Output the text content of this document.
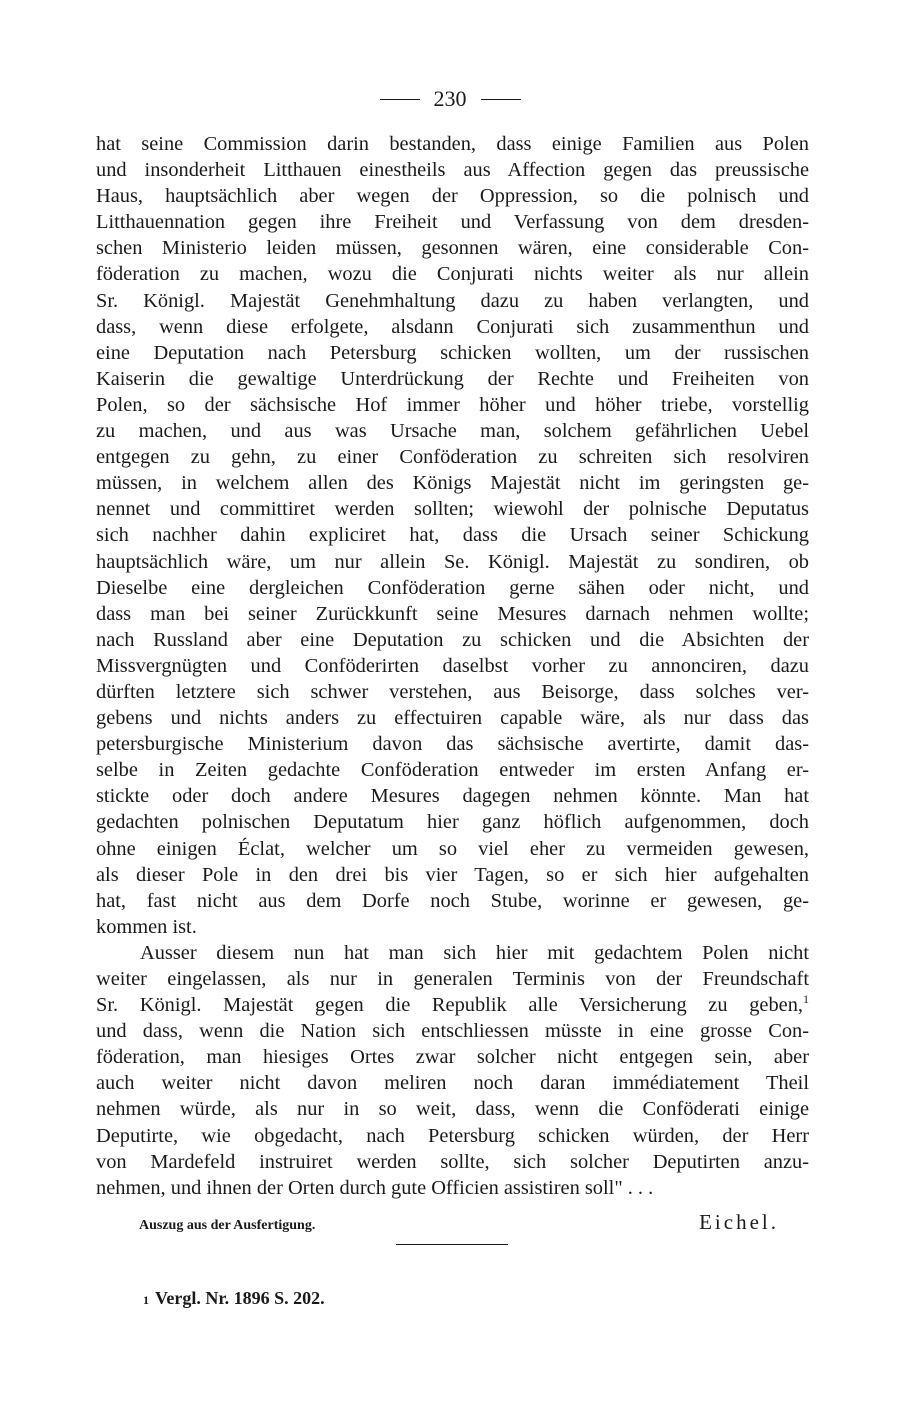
230

hat seine Commission darin bestanden, dass einige Familien aus Polen
und insonderheit Litthauen einestheils aus Affection gegen das preussische
Haus, hauptsächlich aber wegen der Oppression, so die polnisch und
Litthauennation gegen ihre Freiheit und Verfassung von dem dresden-
schen Ministerio leiden müssen, gesonnen wären, eine considerable Con-
föderation zu machen, wozu die Conjurati nichts weiter als nur allein
Sr. Königl. Majestät Genehmhaltung dazu zu haben verlangten, und
dass, wenn diese erfolgete, alsdann Conjurati sich zusammenthun und
eine Deputation nach Petersburg schicken wollten, um der russischen
Kaiserin die gewaltige Unterdrückung der Rechte und Freiheiten von
Polen, so der sächsische Hof immer höher und höher triebe, vorstellig
zu machen, und aus was Ursache man, solchem gefährlichen Uebel
entgegen zu gehn, zu einer Conföderation zu schreiten sich resolviren
müssen, in welchem allen des Königs Majestät nicht im geringsten ge-
nennet und committiret werden sollten; wiewohl der polnische Deputatus
sich nachher dahin expliciret hat, dass die Ursach seiner Schickung
hauptsächlich wäre, um nur allein Se. Königl. Majestät zu sondiren, ob
Dieselbe eine dergleichen Conföderation gerne sähen oder nicht, und
dass man bei seiner Zurückkunft seine Mesures darnach nehmen wollte;
nach Russland aber eine Deputation zu schicken und die Absichten der
Missvergnügten und Conföderirten daselbst vorher zu annonciren, dazu
dürften letztere sich schwer verstehen, aus Beisorge, dass solches ver-
gebens und nichts anders zu effectuiren capable wäre, als nur dass das
petersburgische Ministerium davon das sächsische avertirte, damit das-
selbe in Zeiten gedachte Conföderation entweder im ersten Anfang er-
stickte oder doch andere Mesures dagegen nehmen könnte. Man hat
gedachten polnischen Deputatum hier ganz höflich aufgenommen, doch
ohne einigen Éclat, welcher um so viel eher zu vermeiden gewesen,
als dieser Pole in den drei bis vier Tagen, so er sich hier aufgehalten
hat, fast nicht aus dem Dorfe noch Stube, worinne er gewesen, ge-
kommen ist.

Ausser diesem nun hat man sich hier mit gedachtem Polen nicht
weiter eingelassen, als nur in generalen Terminis von der Freundschaft
Sr. Königl. Majestät gegen die Republik alle Versicherung zu geben,$^1$
und dass, wenn die Nation sich entschliessen müsste in eine grosse Con-
föderation, man hiesiges Ortes zwar solcher nicht entgegen sein, aber
auch weiter nicht davon meliren noch daran immédiatement Theil
nehmen würde, als nur in so weit, dass, wenn die Conföderati einige
Deputirte, wie obgedacht, nach Petersburg schicken würden, der Herr
von Mardefeld instruiret werden sollte, sich solcher Deputirten anzu-
nehmen, und ihnen der Orten durch gute Officien assistiren soll" . . .

Auszug aus der Ausfertigung.	Eichel.
1 Vergl. Nr. 1896 S. 202.
